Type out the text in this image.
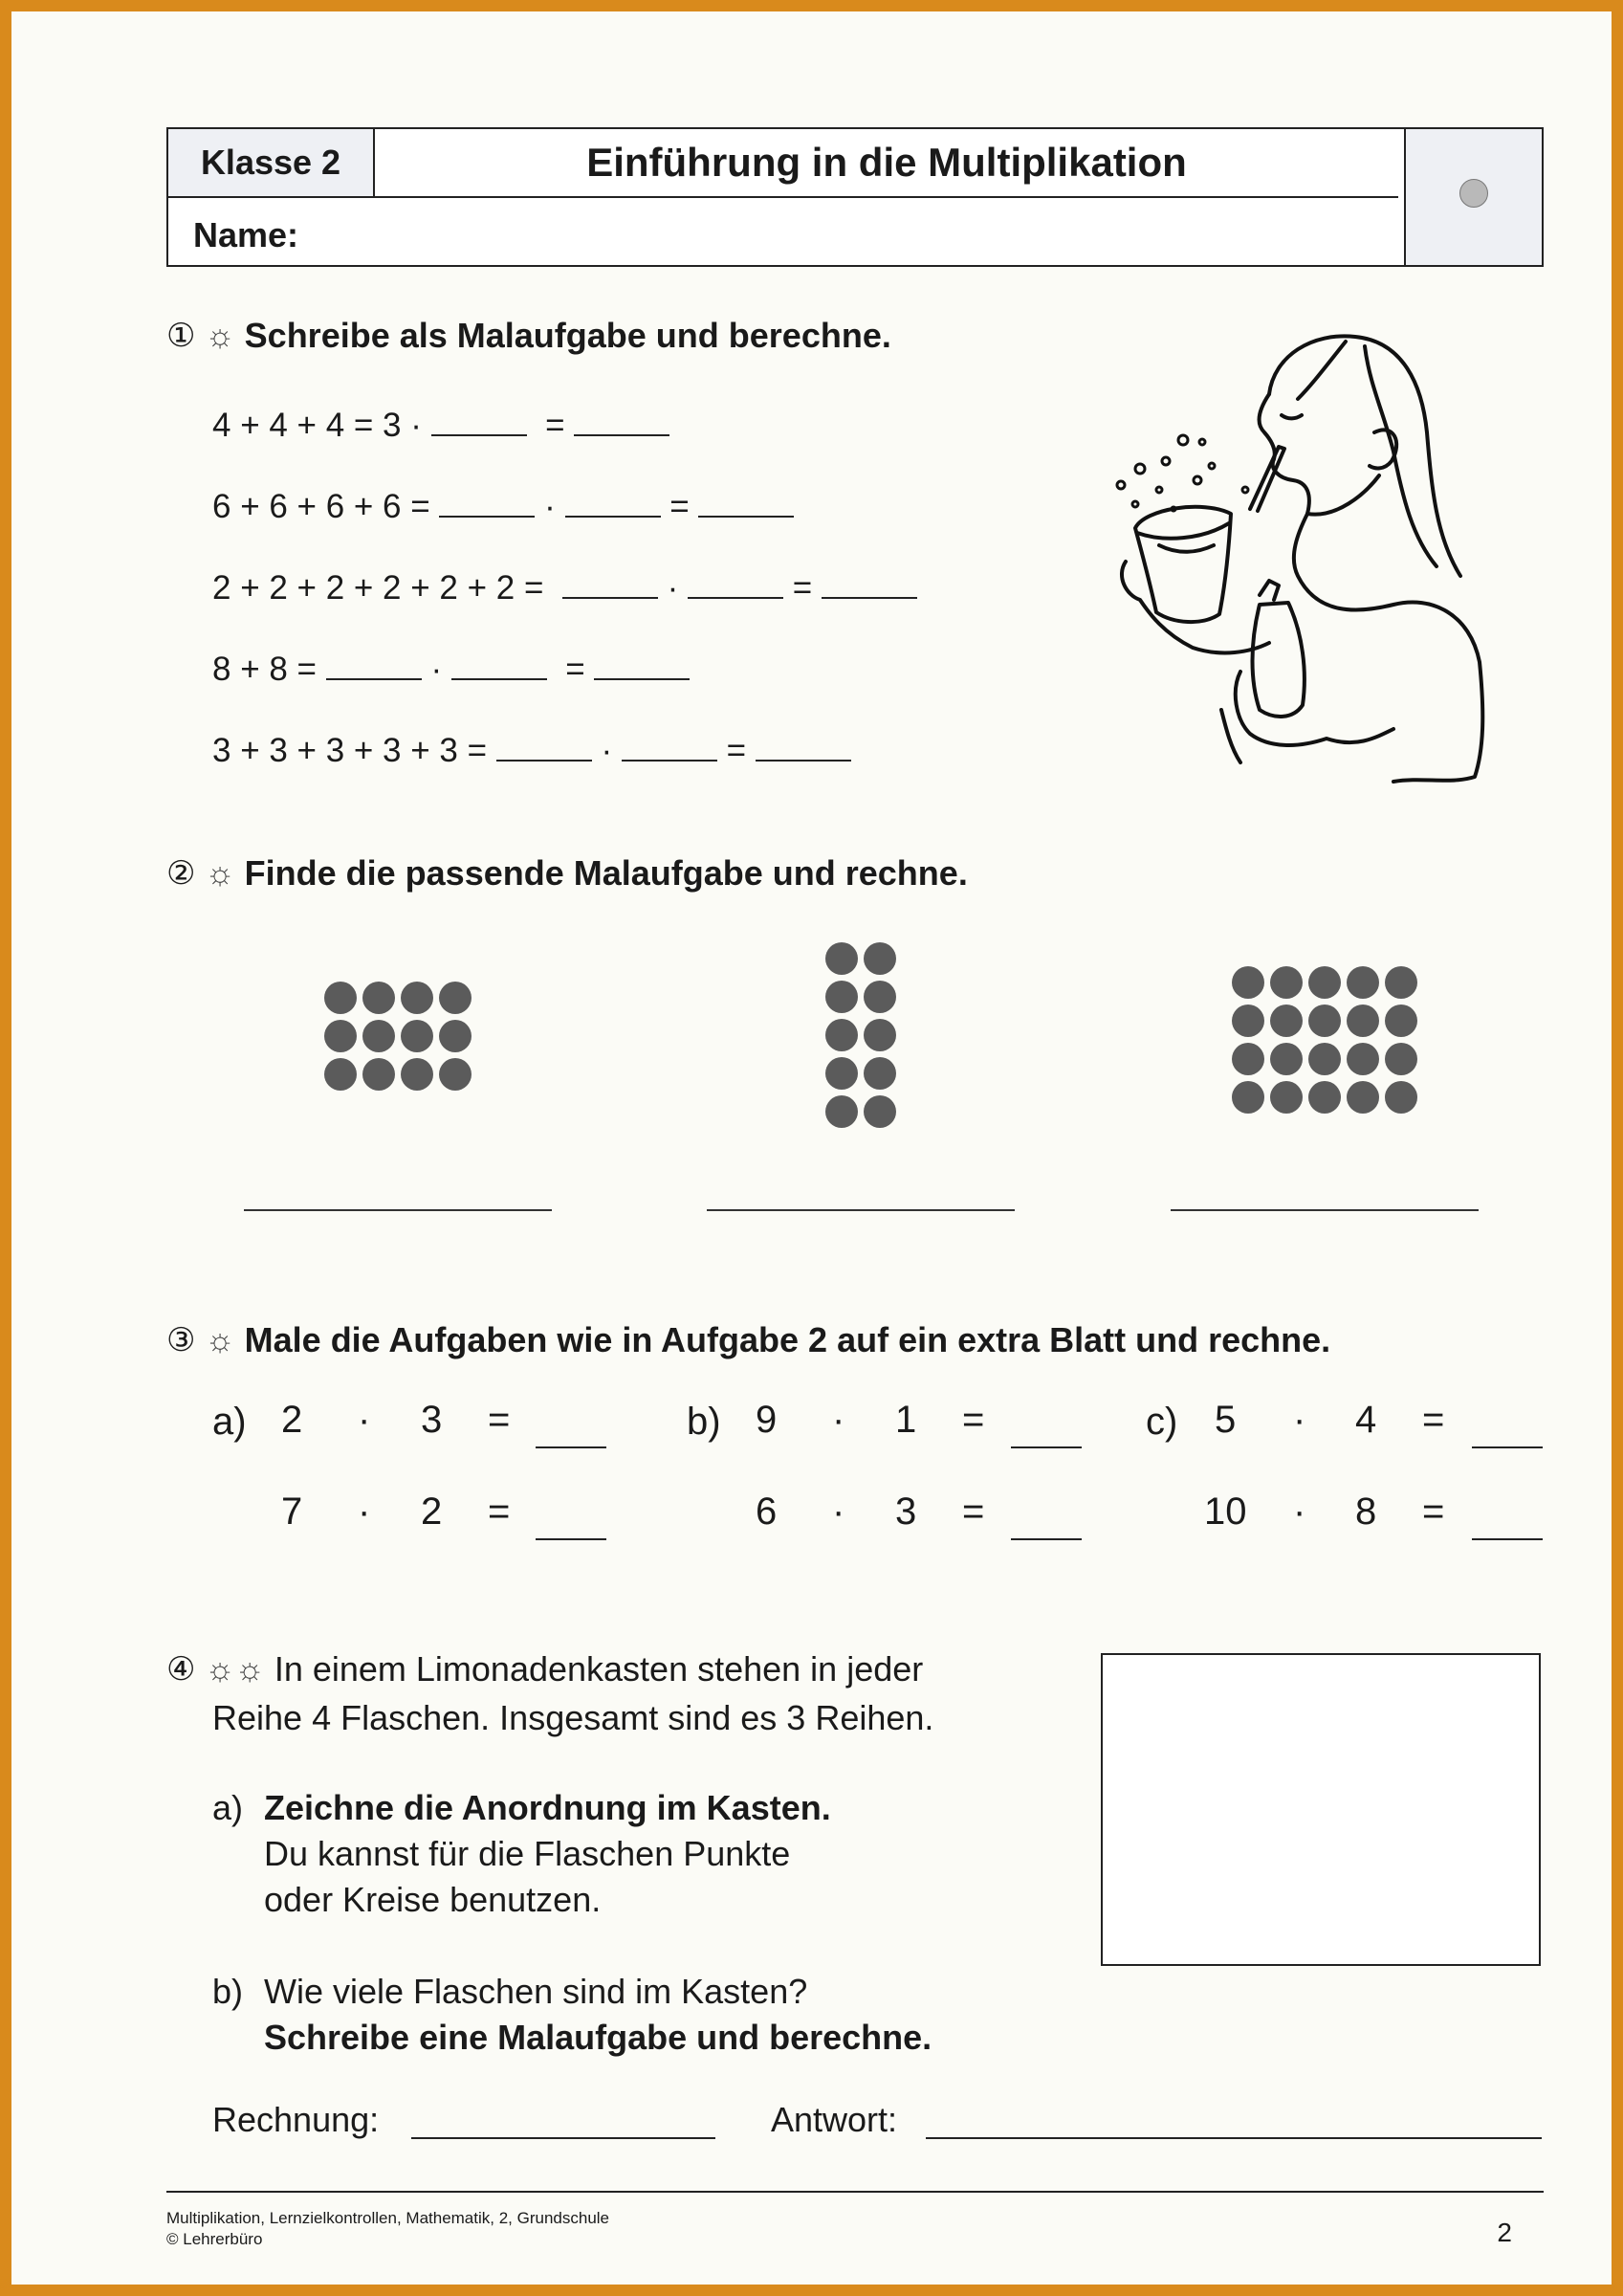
Klasse 2	Einführung in die Multiplikation
Name:
① ☼ Schreibe als Malaufgabe und berechne.
4 + 4 + 4 = 3 ·	=
6 + 6 + 6 + 6 =	·	=
2 + 2 + 2 + 2 + 2 + 2 =	·	=
8 + 8 =	·	=
3 + 3 + 3 + 3 + 3 =	·	=
② ☼ Finde die passende Malaufgabe und rechne.
③ ☼ Male die Aufgaben wie in Aufgabe 2 auf ein extra Blatt und rechne.
a) 2 · 3 =
7 · 2 =
b) 9 · 1 =
6 · 3 =
c) 5 · 4 =
10 · 8 =
④ ☼☼ In einem Limonadenkasten stehen in jeder
Reihe 4 Flaschen. Insgesamt sind es 3 Reihen.
a) Zeichne die Anordnung im Kasten.
Du kannst für die Flaschen Punkte
oder Kreise benutzen.
b) Wie viele Flaschen sind im Kasten?
Schreibe eine Malaufgabe und berechne.
Rechnung:	Antwort:
Multiplikation, Lernzielkontrollen, Mathematik, 2, Grundschule
© Lehrerbüro	2
